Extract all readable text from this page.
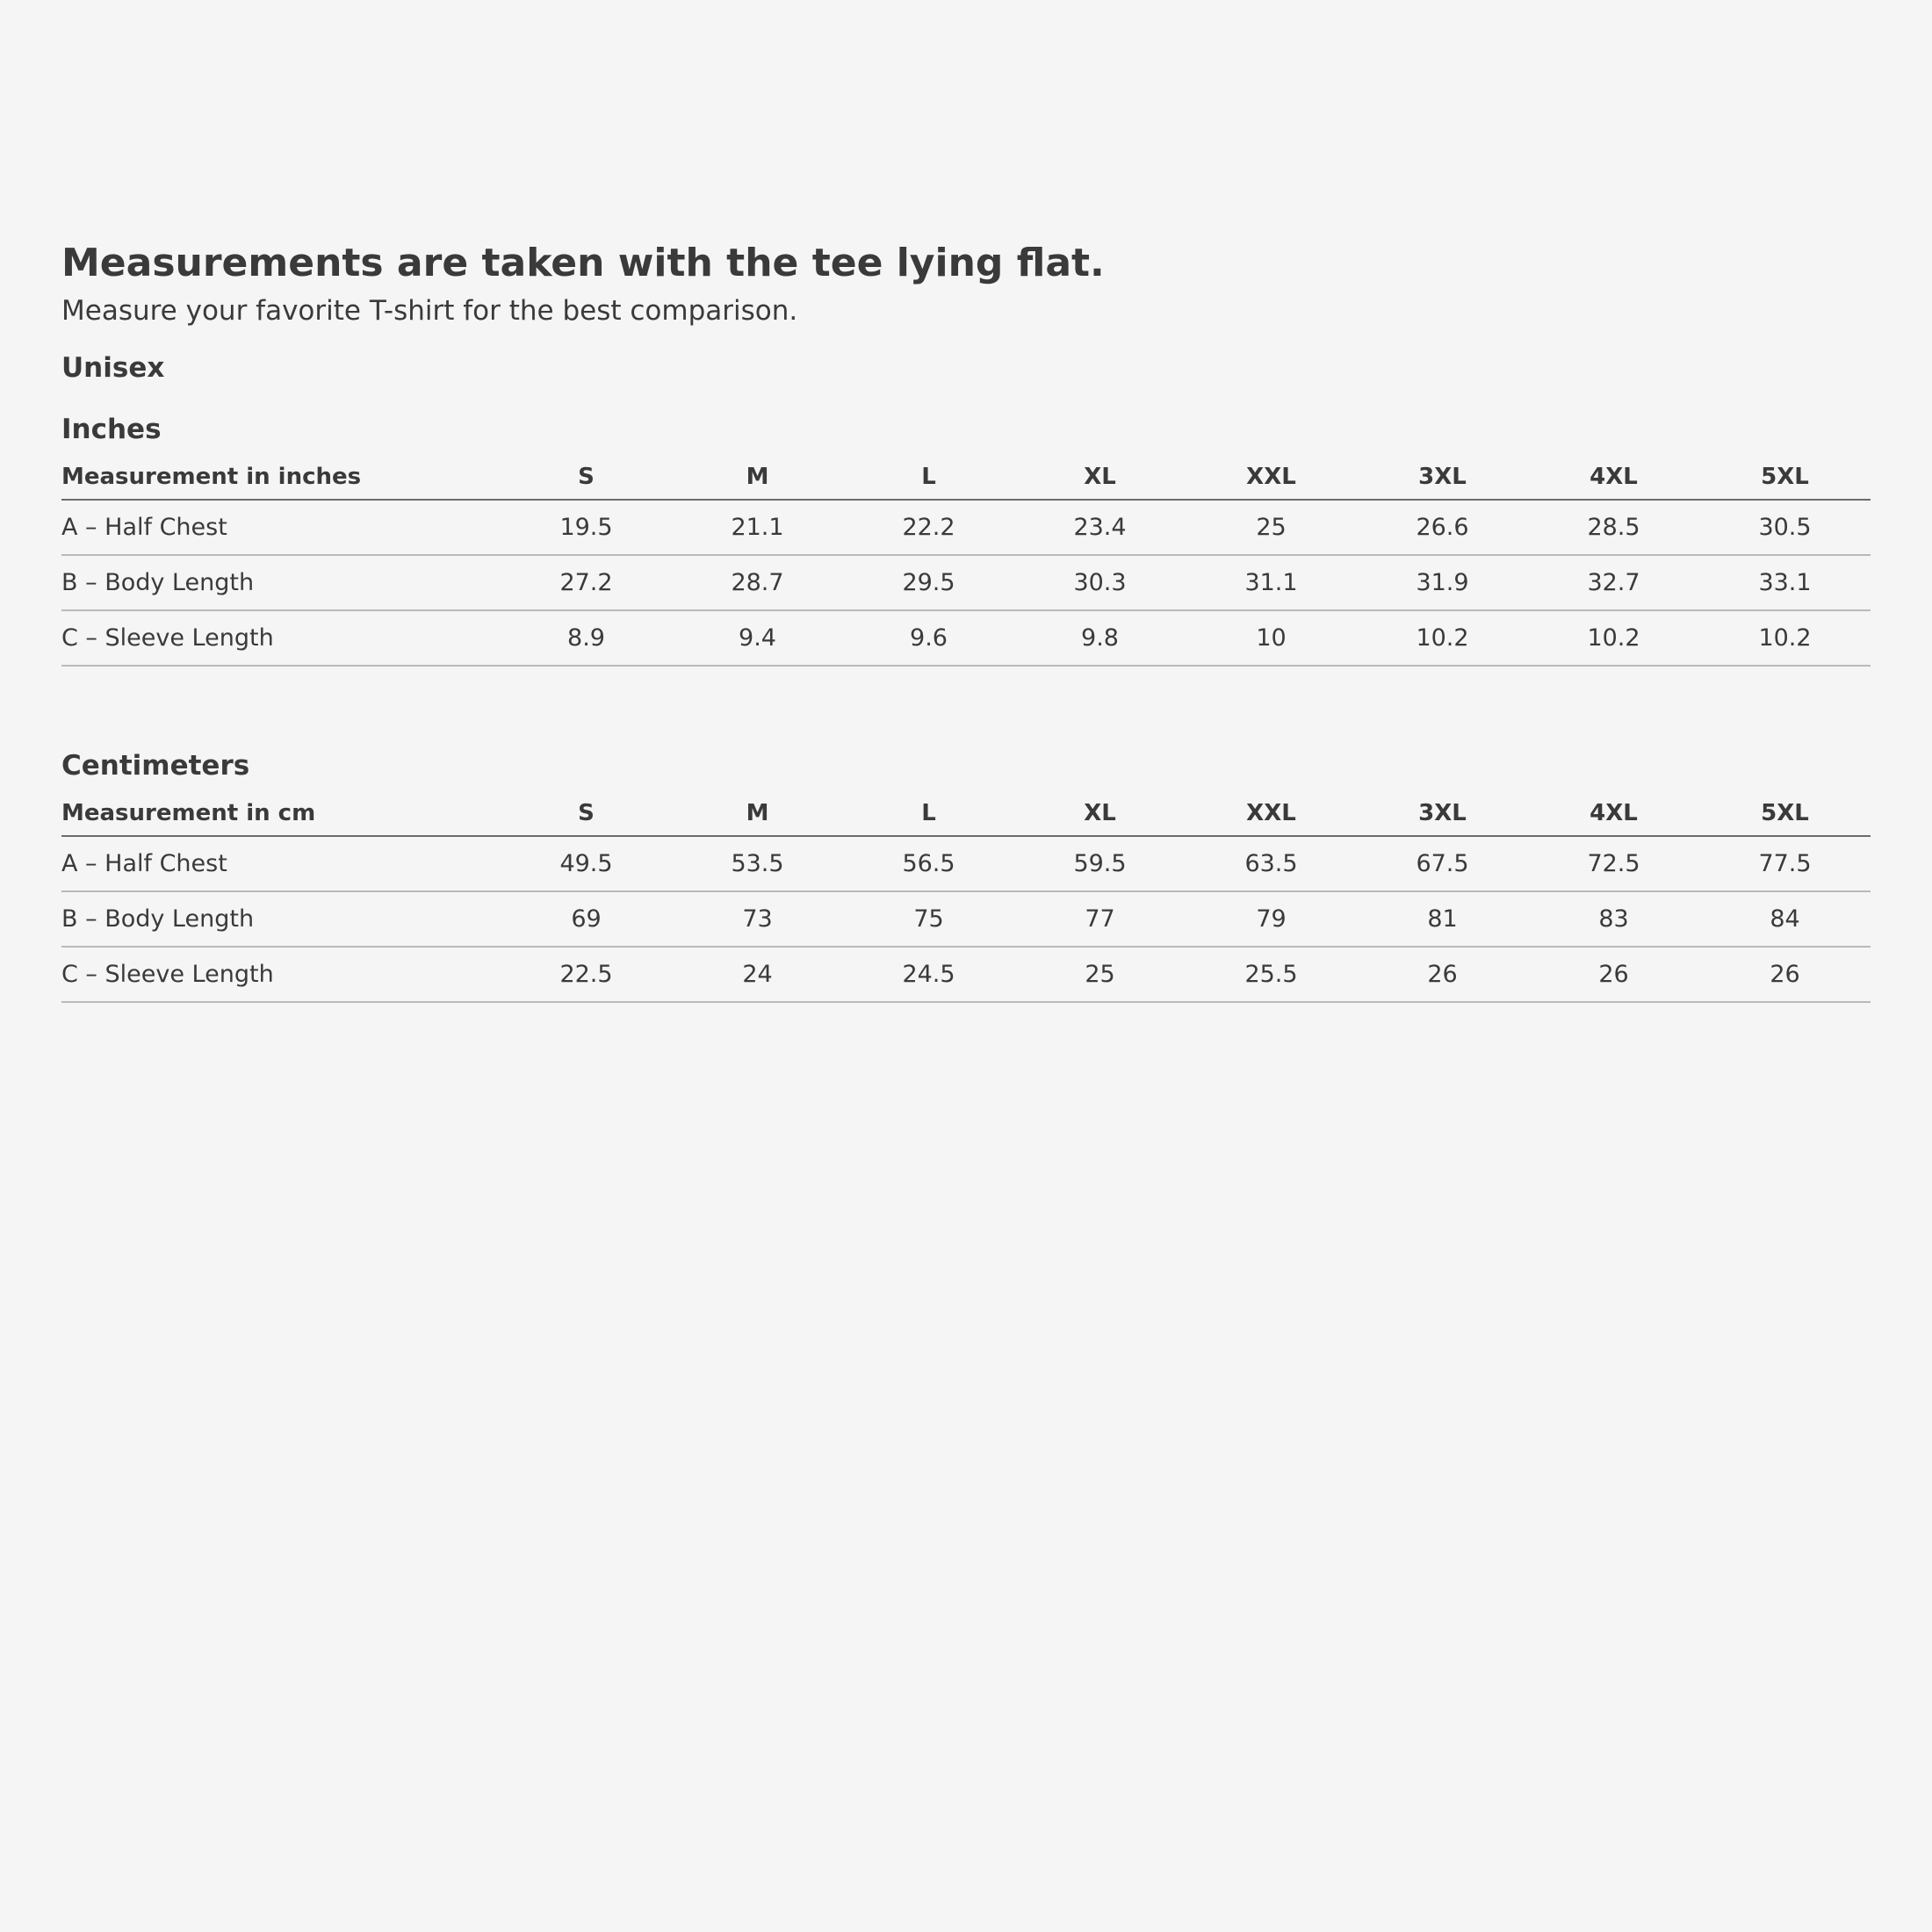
Measurements are taken with the tee lying flat.

Measure your favorite T-shirt for the best comparison.

Unisex
Inches
Measurement in inches	S	M	L	XL	XXL	3XL	4XL	5XL
A – Half Chest	19.5	21.1	22.2	23.4	25	26.6	28.5	30.5
B – Body Length	27.2	28.7	29.5	30.3	31.1	31.9	32.7	33.1
C – Sleeve Length	8.9	9.4	9.6	9.8	10	10.2	10.2	10.2
Centimeters
Measurement in cm	S	M	L	XL	XXL	3XL	4XL	5XL
A – Half Chest	49.5	53.5	56.5	59.5	63.5	67.5	72.5	77.5
B – Body Length	69	73	75	77	79	81	83	84
C – Sleeve Length	22.5	24	24.5	25	25.5	26	26	26
